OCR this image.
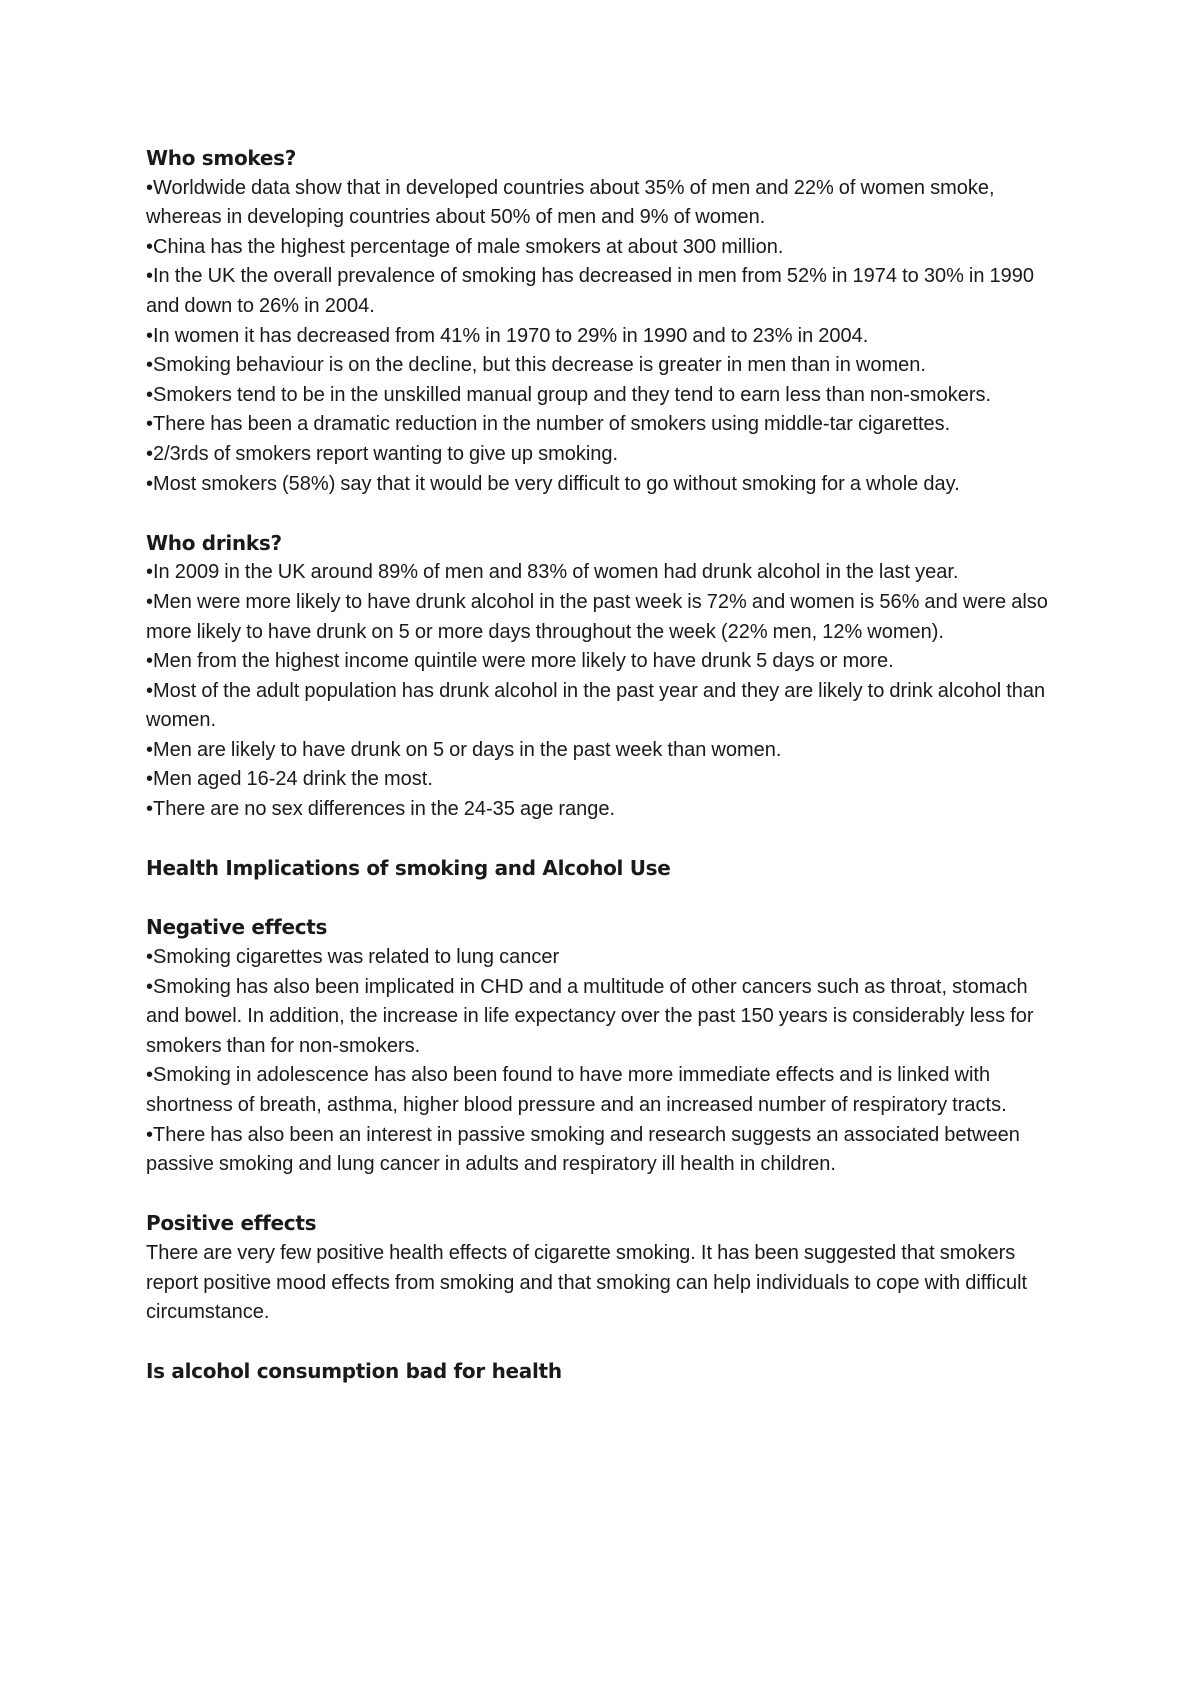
Who smokes?

•Worldwide data show that in developed countries about 35% of men and 22% of women smoke, whereas in developing countries about 50% of men and 9% of women.

•China has the highest percentage of male smokers at about 300 million.

•In the UK the overall prevalence of smoking has decreased in men from 52% in 1974 to 30% in 1990 and down to 26% in 2004.

•In women it has decreased from 41% in 1970 to 29% in 1990 and to 23% in 2004.

•Smoking behaviour is on the decline, but this decrease is greater in men than in women.

•Smokers tend to be in the unskilled manual group and they tend to earn less than non-smokers.

•There has been a dramatic reduction in the number of smokers using middle-tar cigarettes.

•2/3rds of smokers report wanting to give up smoking.

•Most smokers (58%) say that it would be very difficult to go without smoking for a whole day.

Who drinks?

•In 2009 in the UK around 89% of men and 83% of women had drunk alcohol in the last year.

•Men were more likely to have drunk alcohol in the past week is 72% and women is 56% and were also more likely to have drunk on 5 or more days throughout the week (22% men, 12% women).

•Men from the highest income quintile were more likely to have drunk 5 days or more.

•Most of the adult population has drunk alcohol in the past year and they are likely to drink alcohol than women.

•Men are likely to have drunk on 5 or days in the past week than women.

•Men aged 16-24 drink the most.

•There are no sex differences in the 24-35 age range.

Health Implications of smoking and Alcohol Use

Negative effects

•Smoking cigarettes was related to lung cancer

•Smoking has also been implicated in CHD and a multitude of other cancers such as throat, stomach and bowel. In addition, the increase in life expectancy over the past 150 years is considerably less for smokers than for non-smokers.

•Smoking in adolescence has also been found to have more immediate effects and is linked with shortness of breath, asthma, higher blood pressure and an increased number of respiratory tracts.

•There has also been an interest in passive smoking and research suggests an associated between passive smoking and lung cancer in adults and respiratory ill health in children.

Positive effects

There are very few positive health effects of cigarette smoking. It has been suggested that smokers report positive mood effects from smoking and that smoking can help individuals to cope with difficult circumstance.

Is alcohol consumption bad for health
